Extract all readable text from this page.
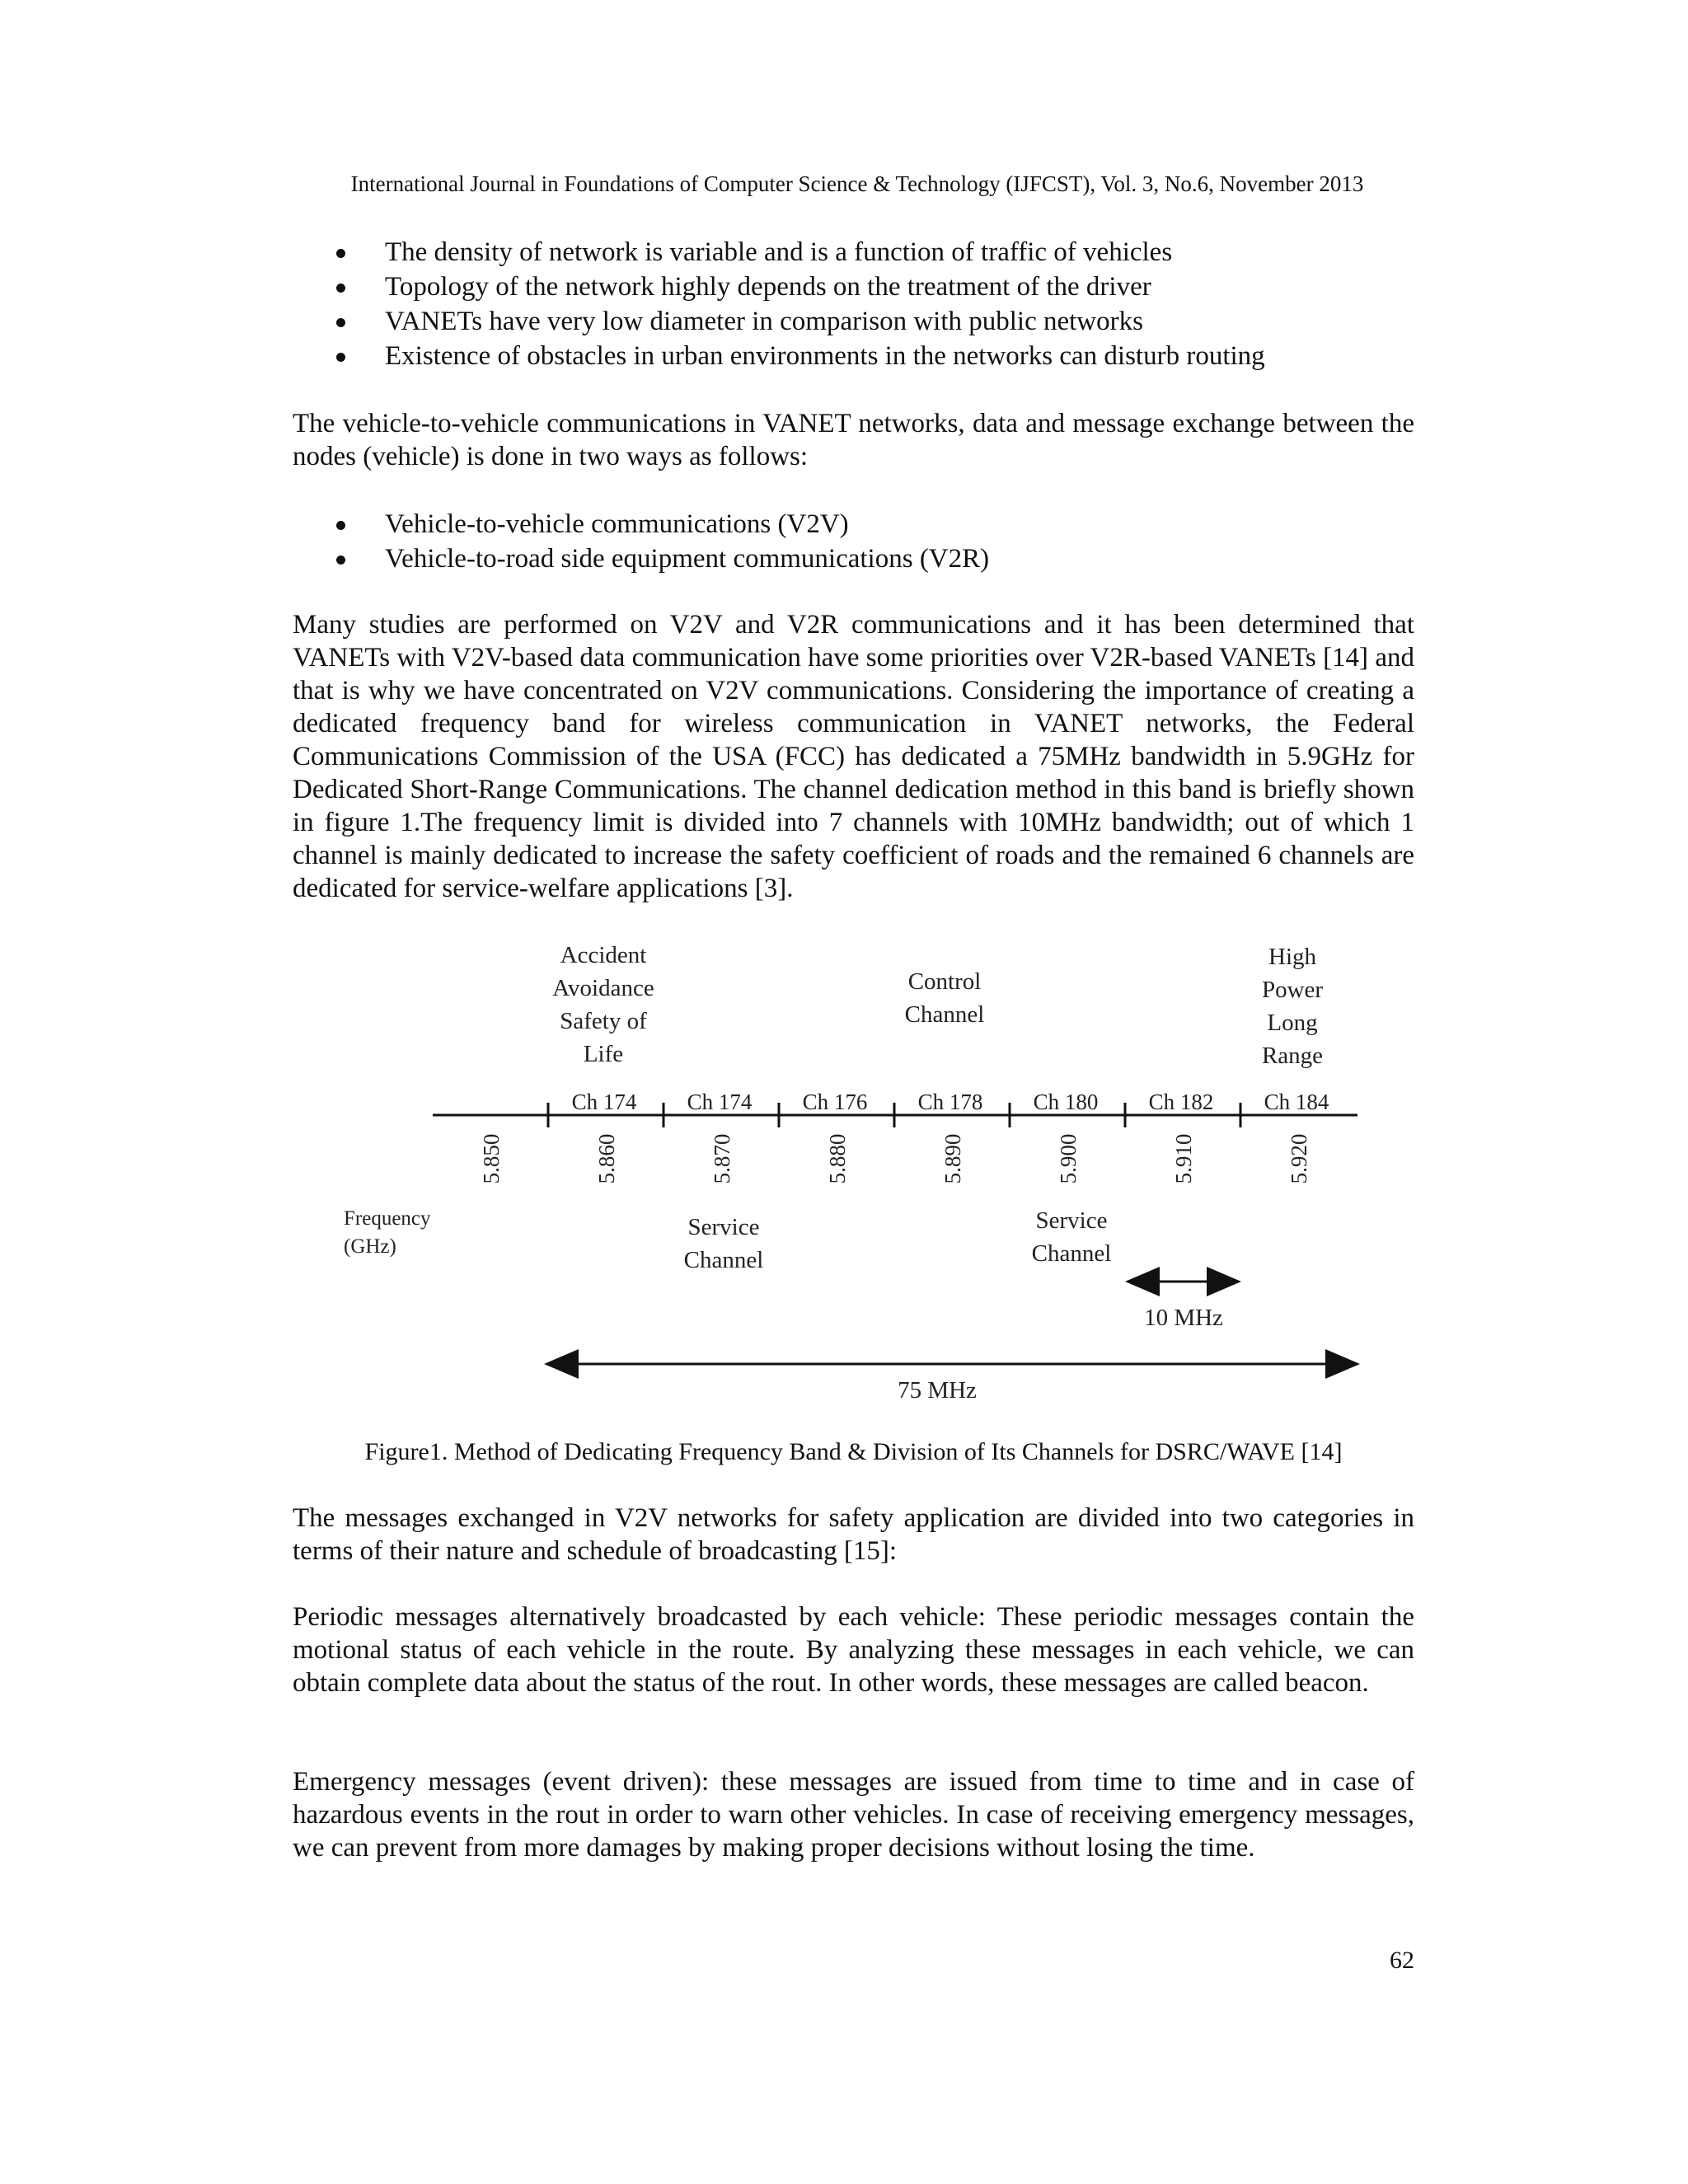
International Journal in Foundations of Computer Science & Technology (IJFCST), Vol. 3, No.6, November 2013
The density of network is variable and is a function of traffic of vehicles
Topology of the network highly depends on the treatment of the driver
VANETs have very low diameter in comparison with public networks
Existence of obstacles in urban environments in the networks can disturb routing

The vehicle-to-vehicle communications in VANET networks, data and message exchange between the nodes (vehicle) is done in two ways as follows:

Vehicle-to-vehicle communications (V2V)
Vehicle-to-road side equipment communications (V2R)

Many studies are performed on V2V and V2R communications and it has been determined that VANETs with V2V-based data communication have some priorities over V2R-based VANETs [14] and that is why we have concentrated on V2V communications. Considering the importance of creating a dedicated frequency band for wireless communication in VANET networks, the Federal Communications Commission of the USA (FCC) has dedicated a 75MHz bandwidth in 5.9GHz for Dedicated Short-Range Communications. The channel dedication method in this band is briefly shown in figure 1.The frequency limit is divided into 7 channels with 10MHz bandwidth; out of which 1 channel is mainly dedicated to increase the safety coefficient of roads and the remained 6 channels are dedicated for service-welfare applications [3].

Accident
Avoidance
Safety of
Life
Control
Channel
High
Power
Long
Range
Ch 174 Ch 174 Ch 176 Ch 178 Ch 180 Ch 182 Ch 184
5.850	5.860	5.870	5.880	5.890	5.900	5.910	5.920
Frequency
(GHz)
Service
Channel
Service
Channel
10 MHz
75 MHz
Figure1. Method of Dedicating Frequency Band & Division of Its Channels for DSRC/WAVE [14]

The messages exchanged in V2V networks for safety application are divided into two categories in terms of their nature and schedule of broadcasting [15]:

Periodic messages alternatively broadcasted by each vehicle: These periodic messages contain the motional status of each vehicle in the route. By analyzing these messages in each vehicle, we can obtain complete data about the status of the rout. In other words, these messages are called beacon.

Emergency messages (event driven): these messages are issued from time to time and in case of hazardous events in the rout in order to warn other vehicles. In case of receiving emergency messages, we can prevent from more damages by making proper decisions without losing the time.

62
